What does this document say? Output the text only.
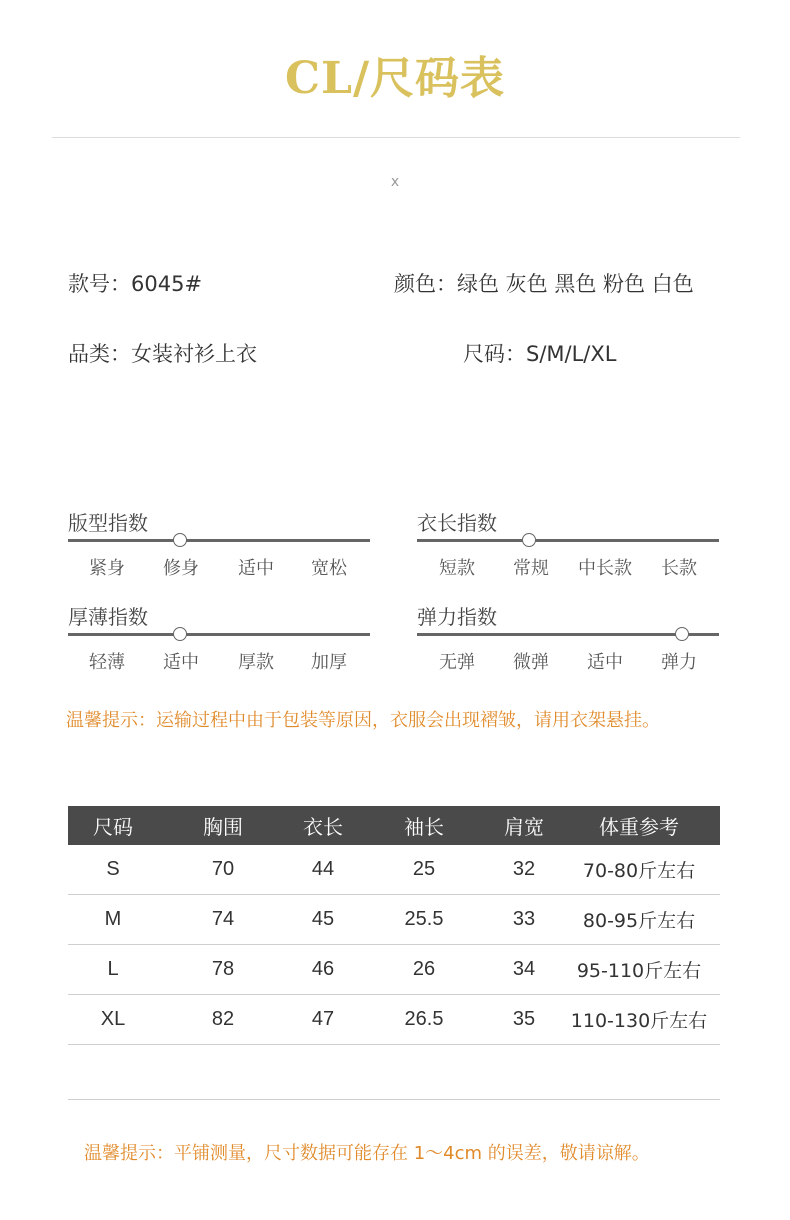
CL/尺码表
x
款号：6045#	颜色：绿色 灰色 黑色 粉色 白色
品类：女装衬衫上衣	尺码：S/M/L/XL
版型指数
紧身	修身	适中	宽松
衣长指数
短款	常规	中长款	长款
厚薄指数
轻薄	适中	厚款	加厚
弹力指数
无弹	微弹	适中	弹力
温馨提示：运输过程中由于包装等原因，衣服会出现褶皱，请用衣架悬挂。
尺码	胸围	衣长	袖长	肩宽	体重参考
S	70	44	25	32	70-80斤左右
M	74	45	25.5	33	80-95斤左右
L	78	46	26	34	95-110斤左右
XL	82	47	26.5	35	110-130斤左右
温馨提示：平铺测量，尺寸数据可能存在 1～4cm 的误差，敬请谅解。
